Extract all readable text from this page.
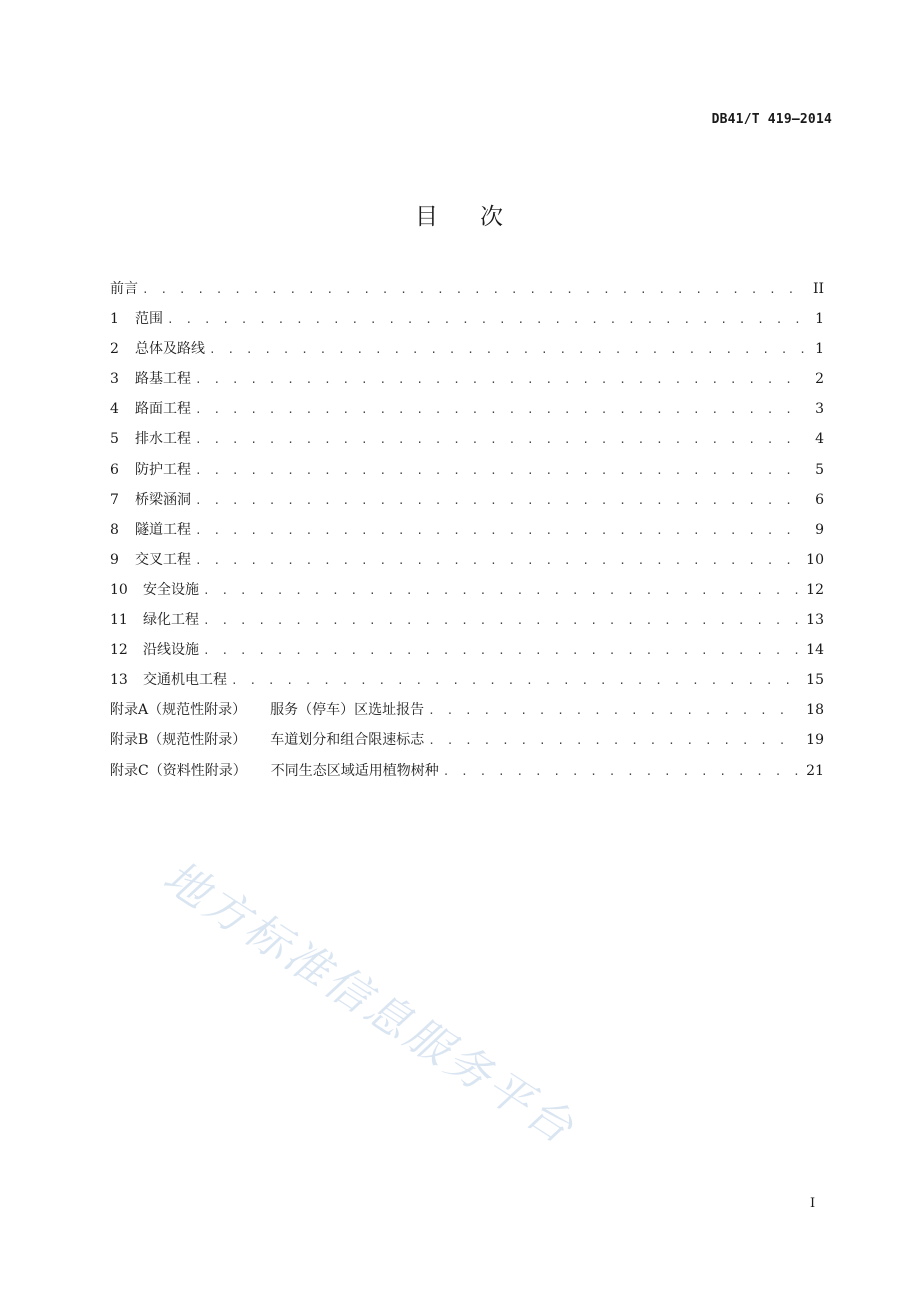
DB41/T 419—2014
目 次
前言 . . .	II
1	范围 . . .	1
2	总体及路线 . . .	1
3	路基工程 . . .	2
4	路面工程 . . .	3
5	排水工程 . . .	4
6	防护工程 . . .	5
7	桥梁涵洞 . . .	6
8	隧道工程 . . .	9
9	交叉工程 . . .	10
10	安全设施 . . .	12
11	绿化工程 . . .	13
12	沿线设施 . . .	14
13	交通机电工程 . . .	15
附录A（规范性附录） 服务（停车）区选址报告 . . .	18
附录B（规范性附录） 车道划分和组合限速标志 . . .	19
附录C（资料性附录） 不同生态区域适用植物树种 . . .	21
地方标准信息服务平台
I
